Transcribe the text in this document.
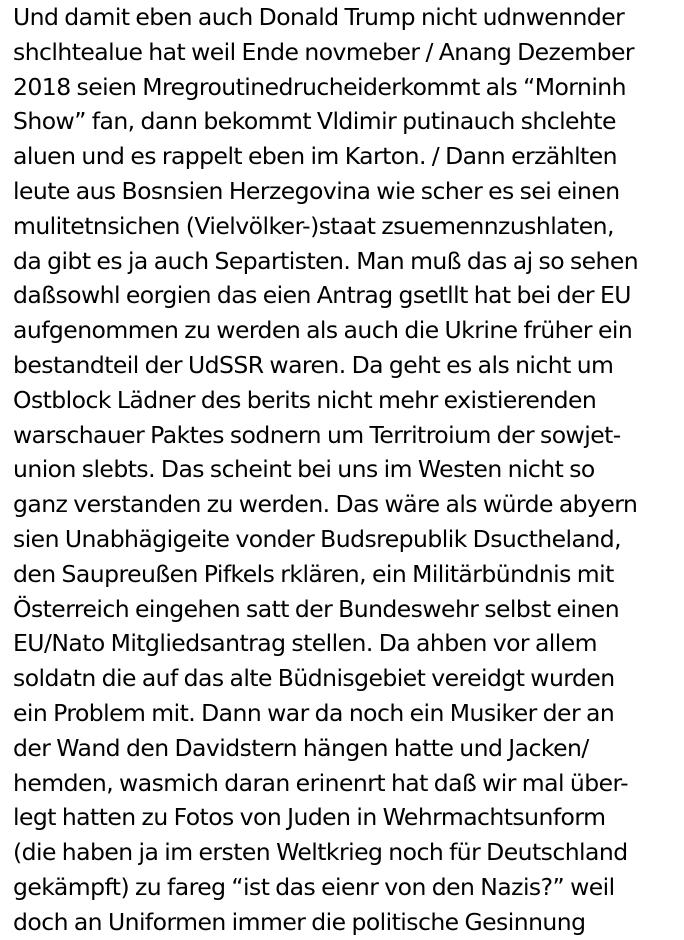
Und damit eben auch Donald Trump nicht udnwennder
shclhtealue hat weil Ende novmeber / Anang Dezember
2018 seien Mregroutinedrucheiderkommt als “Morninh
Show” fan, dann bekommt Vldimir putinauch shclehte
aluen und es rappelt eben im Karton. / Dann erzählten
leute aus Bosnsien Herzegovina wie scher es sei einen
mulitetnsichen (Vielvölker-)staat zsuemennzushlaten,
da gibt es ja auch Separtisten. Man muß das aj so sehen
daßsowhl eorgien das eien Antrag gsetllt hat bei der EU
aufgenommen zu werden als auch die Ukrine früher ein
bestandteil der UdSSR waren. Da geht es als nicht um
Ostblock Lädner des berits nicht mehr existierenden
warschauer Paktes sodnern um Territroium der sowjet-
union slebts. Das scheint bei uns im Westen nicht so
ganz verstanden zu werden. Das wäre als würde abyern
sien Unabhägigeite vonder Budsrepublik Dsuctheland,
den Saupreußen Pifkels rklären, ein Militärbündnis mit
Österreich eingehen satt der Bundeswehr selbst einen
EU/Nato Mitgliedsantrag stellen. Da ahben vor allem
soldatn die auf das alte Büdnisgebiet vereidgt wurden
ein Problem mit. Dann war da noch ein Musiker der an
der Wand den Davidstern hängen hatte und Jacken/
hemden, wasmich daran erinenrt hat daß wir mal über-
legt hatten zu Fotos von Juden in Wehrmachtsunform
(die haben ja im ersten Weltkrieg noch für Deutschland
gekämpft) zu fareg “ist das eienr von den Nazis?” weil
doch an Uniformen immer die politische Gesinnung
